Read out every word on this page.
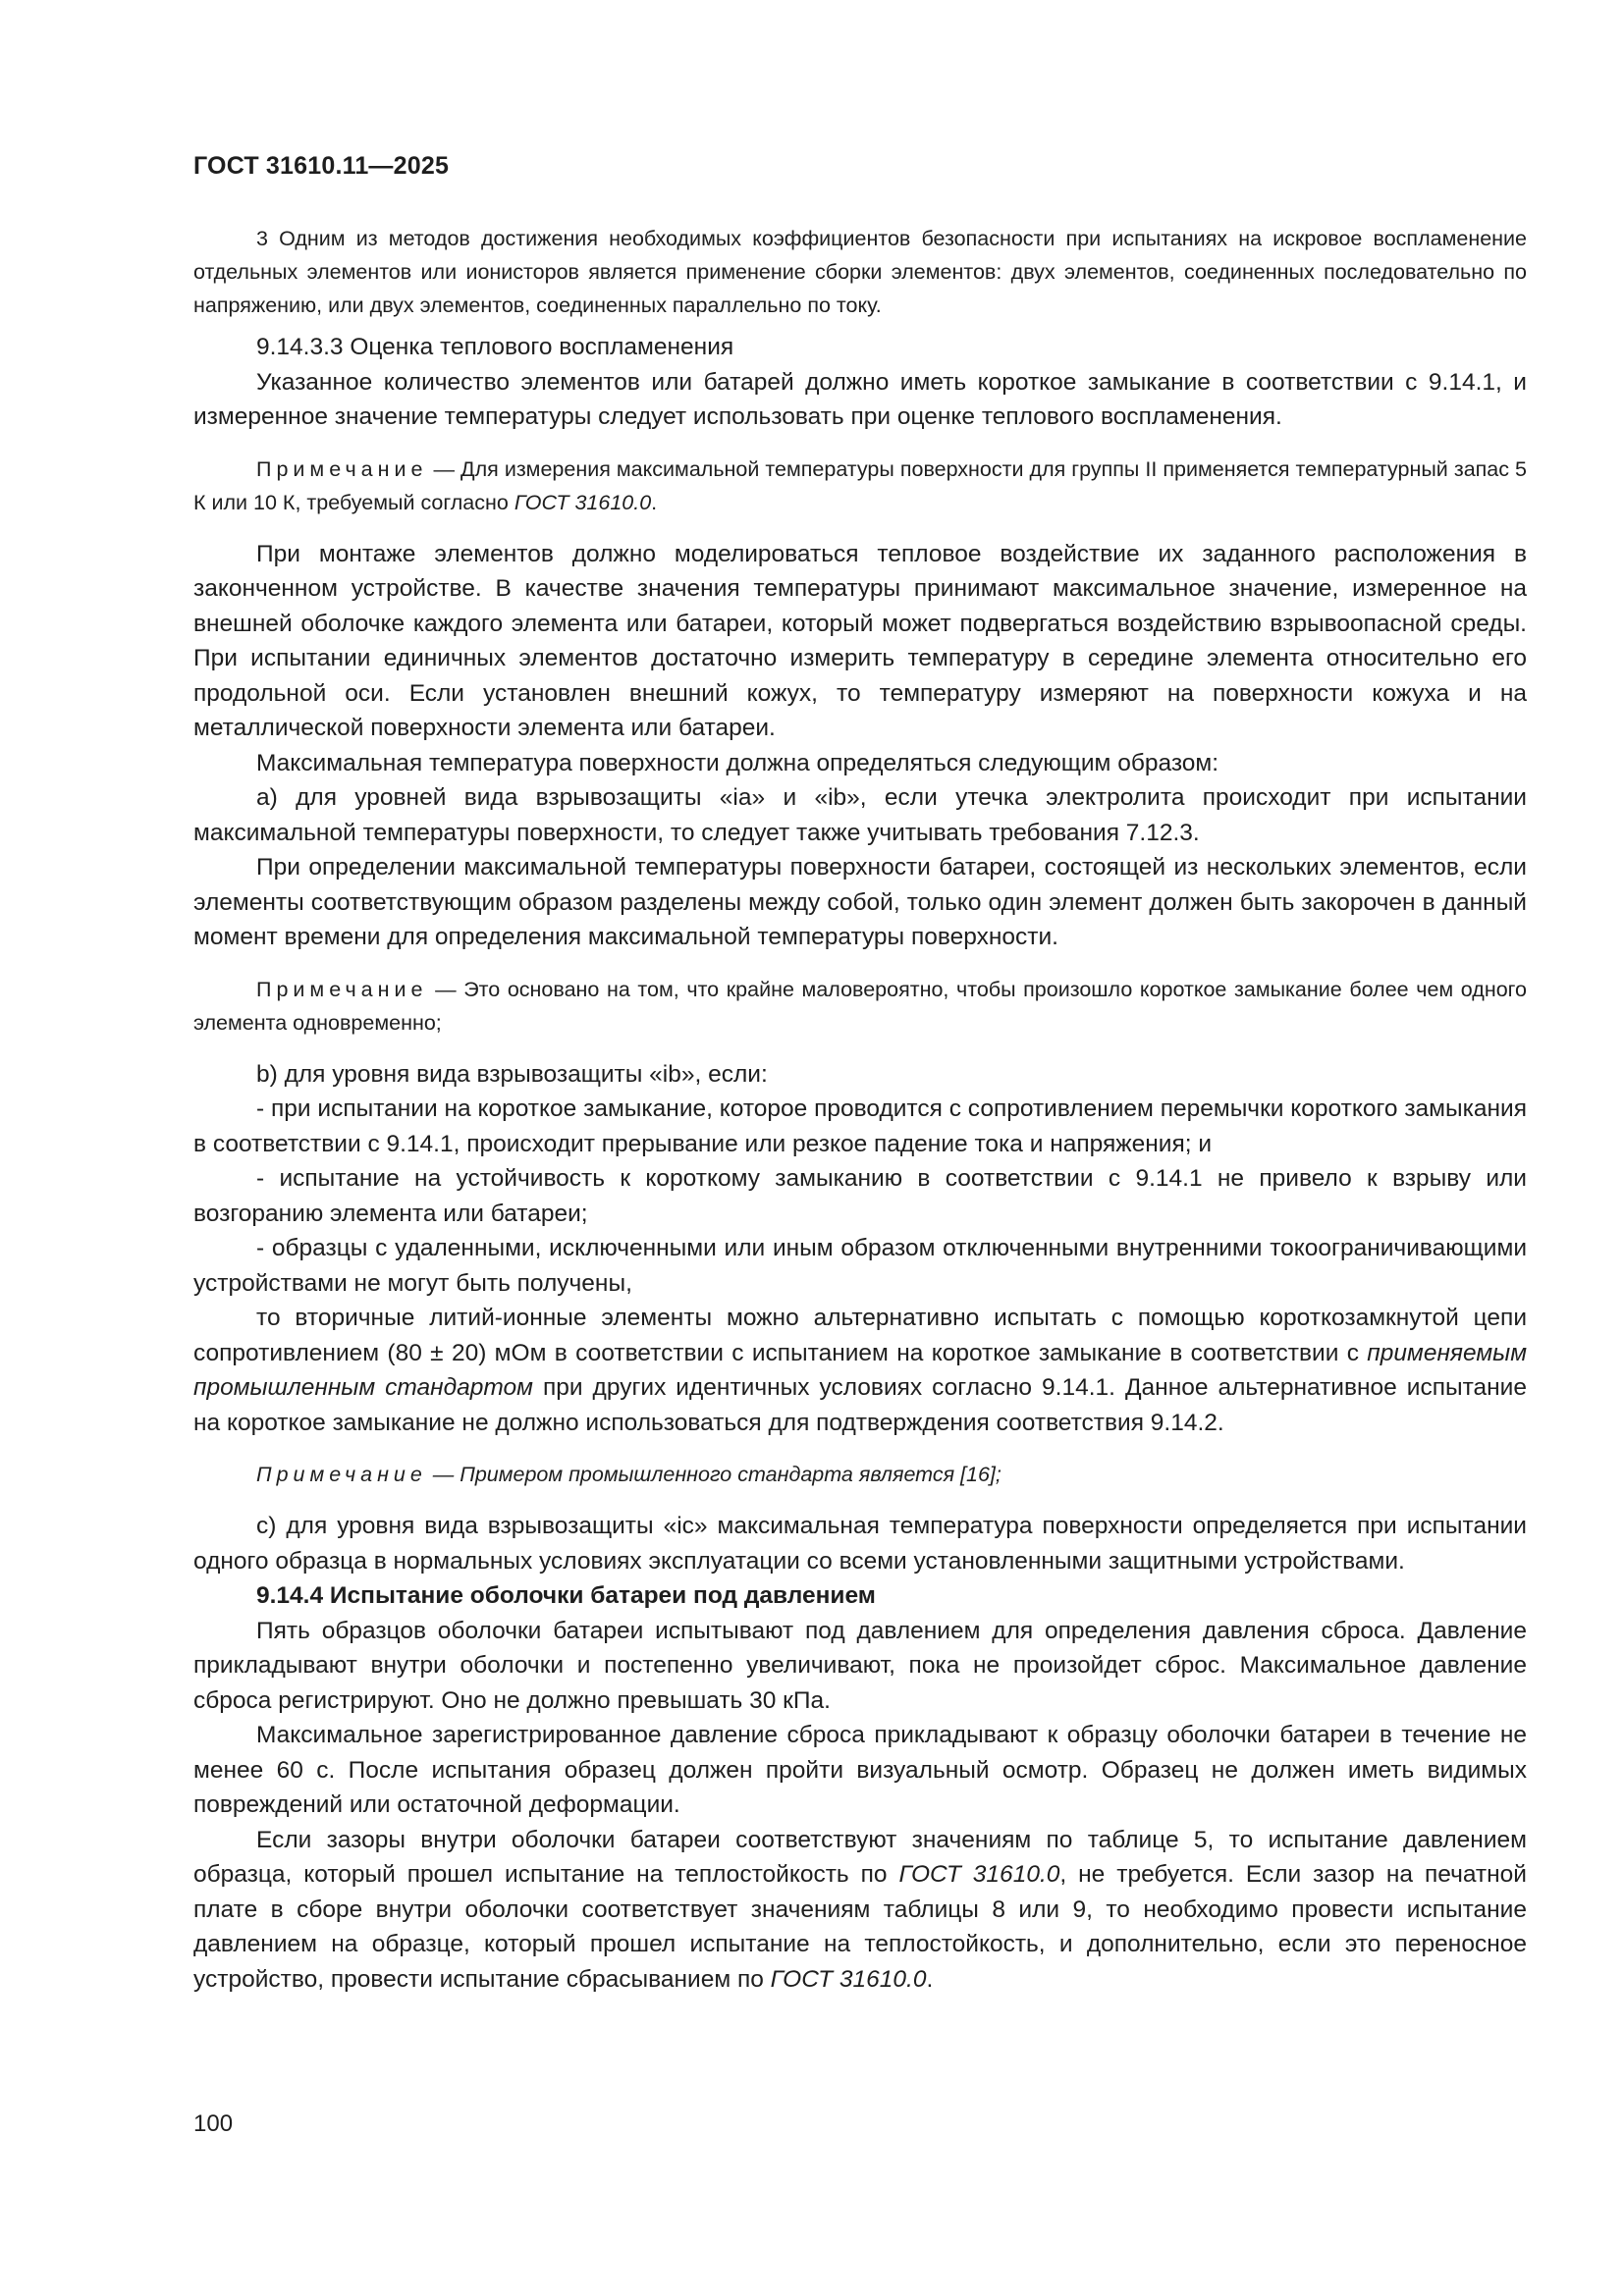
ГОСТ 31610.11—2025

3 Одним из методов достижения необходимых коэффициентов безопасности при испытаниях на искровое воспламенение отдельных элементов или ионисторов является применение сборки элементов: двух элементов, соединенных последовательно по напряжению, или двух элементов, соединенных параллельно по току.

9.14.3.3 Оценка теплового воспламенения

Указанное количество элементов или батарей должно иметь короткое замыкание в соответствии с 9.14.1, и измеренное значение температуры следует использовать при оценке теплового воспламенения.

Примечание — Для измерения максимальной температуры поверхности для группы II применяется температурный запас 5 К или 10 К, требуемый согласно ГОСТ 31610.0.

При монтаже элементов должно моделироваться тепловое воздействие их заданного расположения в законченном устройстве. В качестве значения температуры принимают максимальное значение, измеренное на внешней оболочке каждого элемента или батареи, который может подвергаться воздействию взрывоопасной среды. При испытании единичных элементов достаточно измерить температуру в середине элемента относительно его продольной оси. Если установлен внешний кожух, то температуру измеряют на поверхности кожуха и на металлической поверхности элемента или батареи.

Максимальная температура поверхности должна определяться следующим образом:

a) для уровней вида взрывозащиты «ia» и «ib», если утечка электролита происходит при испытании максимальной температуры поверхности, то следует также учитывать требования 7.12.3.

При определении максимальной температуры поверхности батареи, состоящей из нескольких элементов, если элементы соответствующим образом разделены между собой, только один элемент должен быть закорочен в данный момент времени для определения максимальной температуры поверхности.

Примечание — Это основано на том, что крайне маловероятно, чтобы произошло короткое замыкание более чем одного элемента одновременно;

b) для уровня вида взрывозащиты «ib», если:

- при испытании на короткое замыкание, которое проводится с сопротивлением перемычки короткого замыкания в соответствии с 9.14.1, происходит прерывание или резкое падение тока и напряжения; и

- испытание на устойчивость к короткому замыканию в соответствии с 9.14.1 не привело к взрыву или возгоранию элемента или батареи;

- образцы с удаленными, исключенными или иным образом отключенными внутренними токоограничивающими устройствами не могут быть получены,

то вторичные литий-ионные элементы можно альтернативно испытать с помощью короткозамкнутой цепи сопротивлением (80 ± 20) мОм в соответствии с испытанием на короткое замыкание в соответствии с применяемым промышленным стандартом при других идентичных условиях согласно 9.14.1. Данное альтернативное испытание на короткое замыкание не должно использоваться для подтверждения соответствия 9.14.2.

Примечание — Примером промышленного стандарта является [16];

c) для уровня вида взрывозащиты «ic» максимальная температура поверхности определяется при испытании одного образца в нормальных условиях эксплуатации со всеми установленными защитными устройствами.

9.14.4 Испытание оболочки батареи под давлением

Пять образцов оболочки батареи испытывают под давлением для определения давления сброса. Давление прикладывают внутри оболочки и постепенно увеличивают, пока не произойдет сброс. Максимальное давление сброса регистрируют. Оно не должно превышать 30 кПа.

Максимальное зарегистрированное давление сброса прикладывают к образцу оболочки батареи в течение не менее 60 с. После испытания образец должен пройти визуальный осмотр. Образец не должен иметь видимых повреждений или остаточной деформации.

Если зазоры внутри оболочки батареи соответствуют значениям по таблице 5, то испытание давлением образца, который прошел испытание на теплостойкость по ГОСТ 31610.0, не требуется. Если зазор на печатной плате в сборе внутри оболочки соответствует значениям таблицы 8 или 9, то необходимо провести испытание давлением на образце, который прошел испытание на теплостойкость, и дополнительно, если это переносное устройство, провести испытание сбрасыванием по ГОСТ 31610.0.

100
